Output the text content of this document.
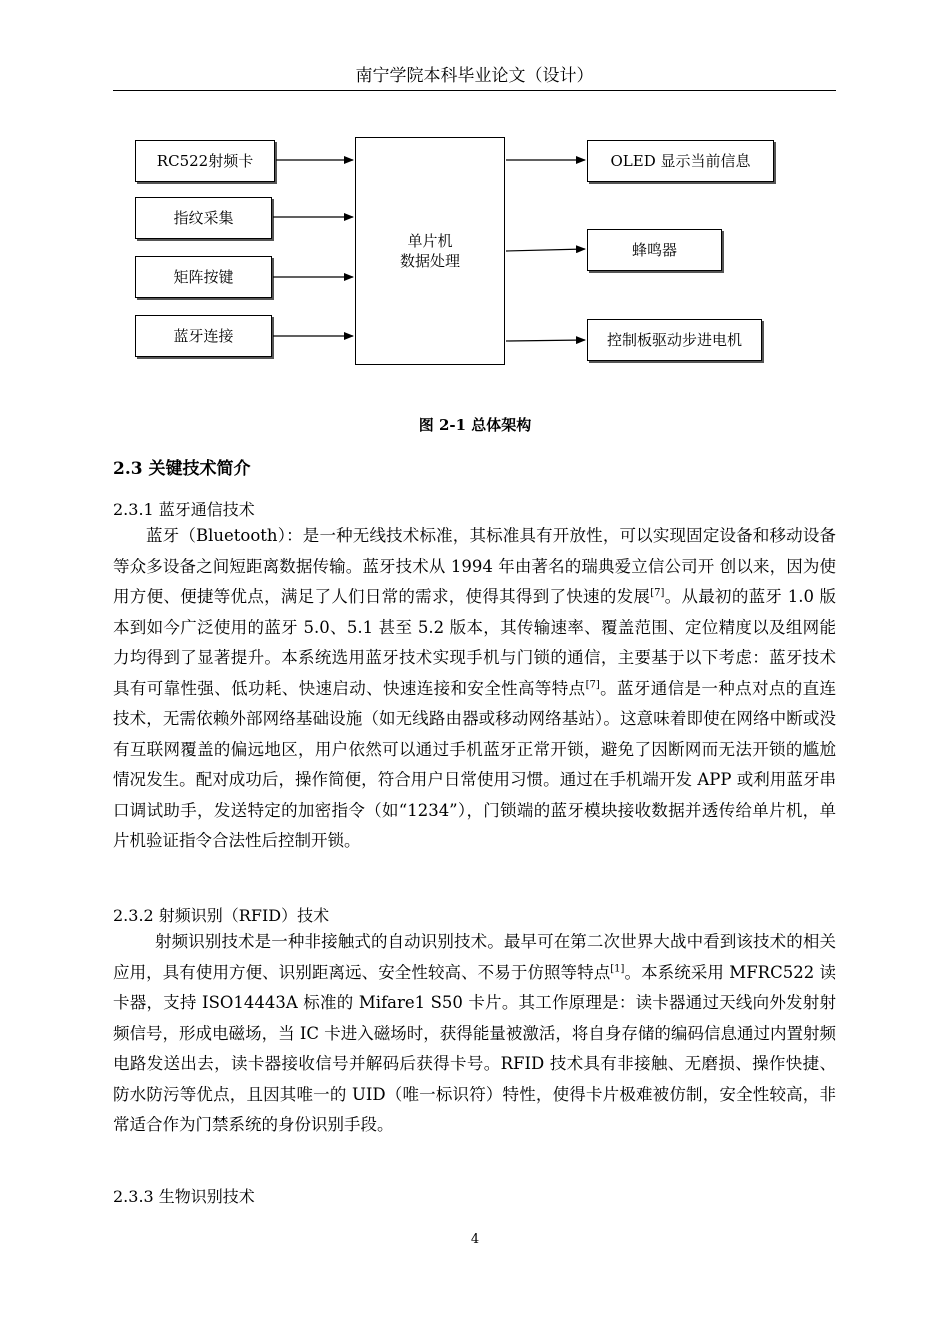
南宁学院本科毕业论文（设计）
RC522射频卡
指纹采集
矩阵按键
蓝牙连接
单片机
数据处理
OLED 显示当前信息
蜂鸣器
控制板驱动步进电机
图 2-1 总体架构
2.3 关键技术简介
2.3.1 蓝牙通信技术
蓝牙（Bluetooth）：是一种无线技术标准，其标准具有开放性，可以实现固定设备和移动设备等众多设备之间短距离数据传输。蓝牙技术从 1994 年由著名的瑞典爱立信公司开 创以来，因为使用方便、便捷等优点，满足了人们日常的需求，使得其得到了快速的发展[7]。从最初的蓝牙 1.0 版本到如今广泛使用的蓝牙 5.0、5.1 甚至 5.2 版本，其传输速率、覆盖范围、定位精度以及组网能力均得到了显著提升。本系统选用蓝牙技术实现手机与门锁的通信，主要基于以下考虑：蓝牙技术具有可靠性强、低功耗、快速启动、快速连接和安全性高等特点[7]。蓝牙通信是一种点对点的直连技术，无需依赖外部网络基础设施（如无线路由器或移动网络基站）。这意味着即使在网络中断或没有互联网覆盖的偏远地区，用户依然可以通过手机蓝牙正常开锁，避免了因断网而无法开锁的尴尬情况发生。配对成功后，操作简便，符合用户日常使用习惯。通过在手机端开发 APP 或利用蓝牙串口调试助手，发送特定的加密指令（如“1234”），门锁端的蓝牙模块接收数据并透传给单片机，单片机验证指令合法性后控制开锁。
2.3.2 射频识别（RFID）技术
射频识别技术是一种非接触式的自动识别技术。最早可在第二次世界大战中看到该技术的相关应用，具有使用方便、识别距离远、安全性较高、不易于仿照等特点[1]。本系统采用 MFRC522 读卡器，支持 ISO14443A 标准的 Mifare1 S50 卡片。其工作原理是：读卡器通过天线向外发射射频信号，形成电磁场，当 IC 卡进入磁场时，获得能量被激活，将自身存储的编码信息通过内置射频电路发送出去，读卡器接收信号并解码后获得卡号。RFID 技术具有非接触、无磨损、操作快捷、防水防污等优点，且因其唯一的 UID（唯一标识符）特性，使得卡片极难被仿制，安全性较高，非常适合作为门禁系统的身份识别手段。
2.3.3 生物识别技术
4
